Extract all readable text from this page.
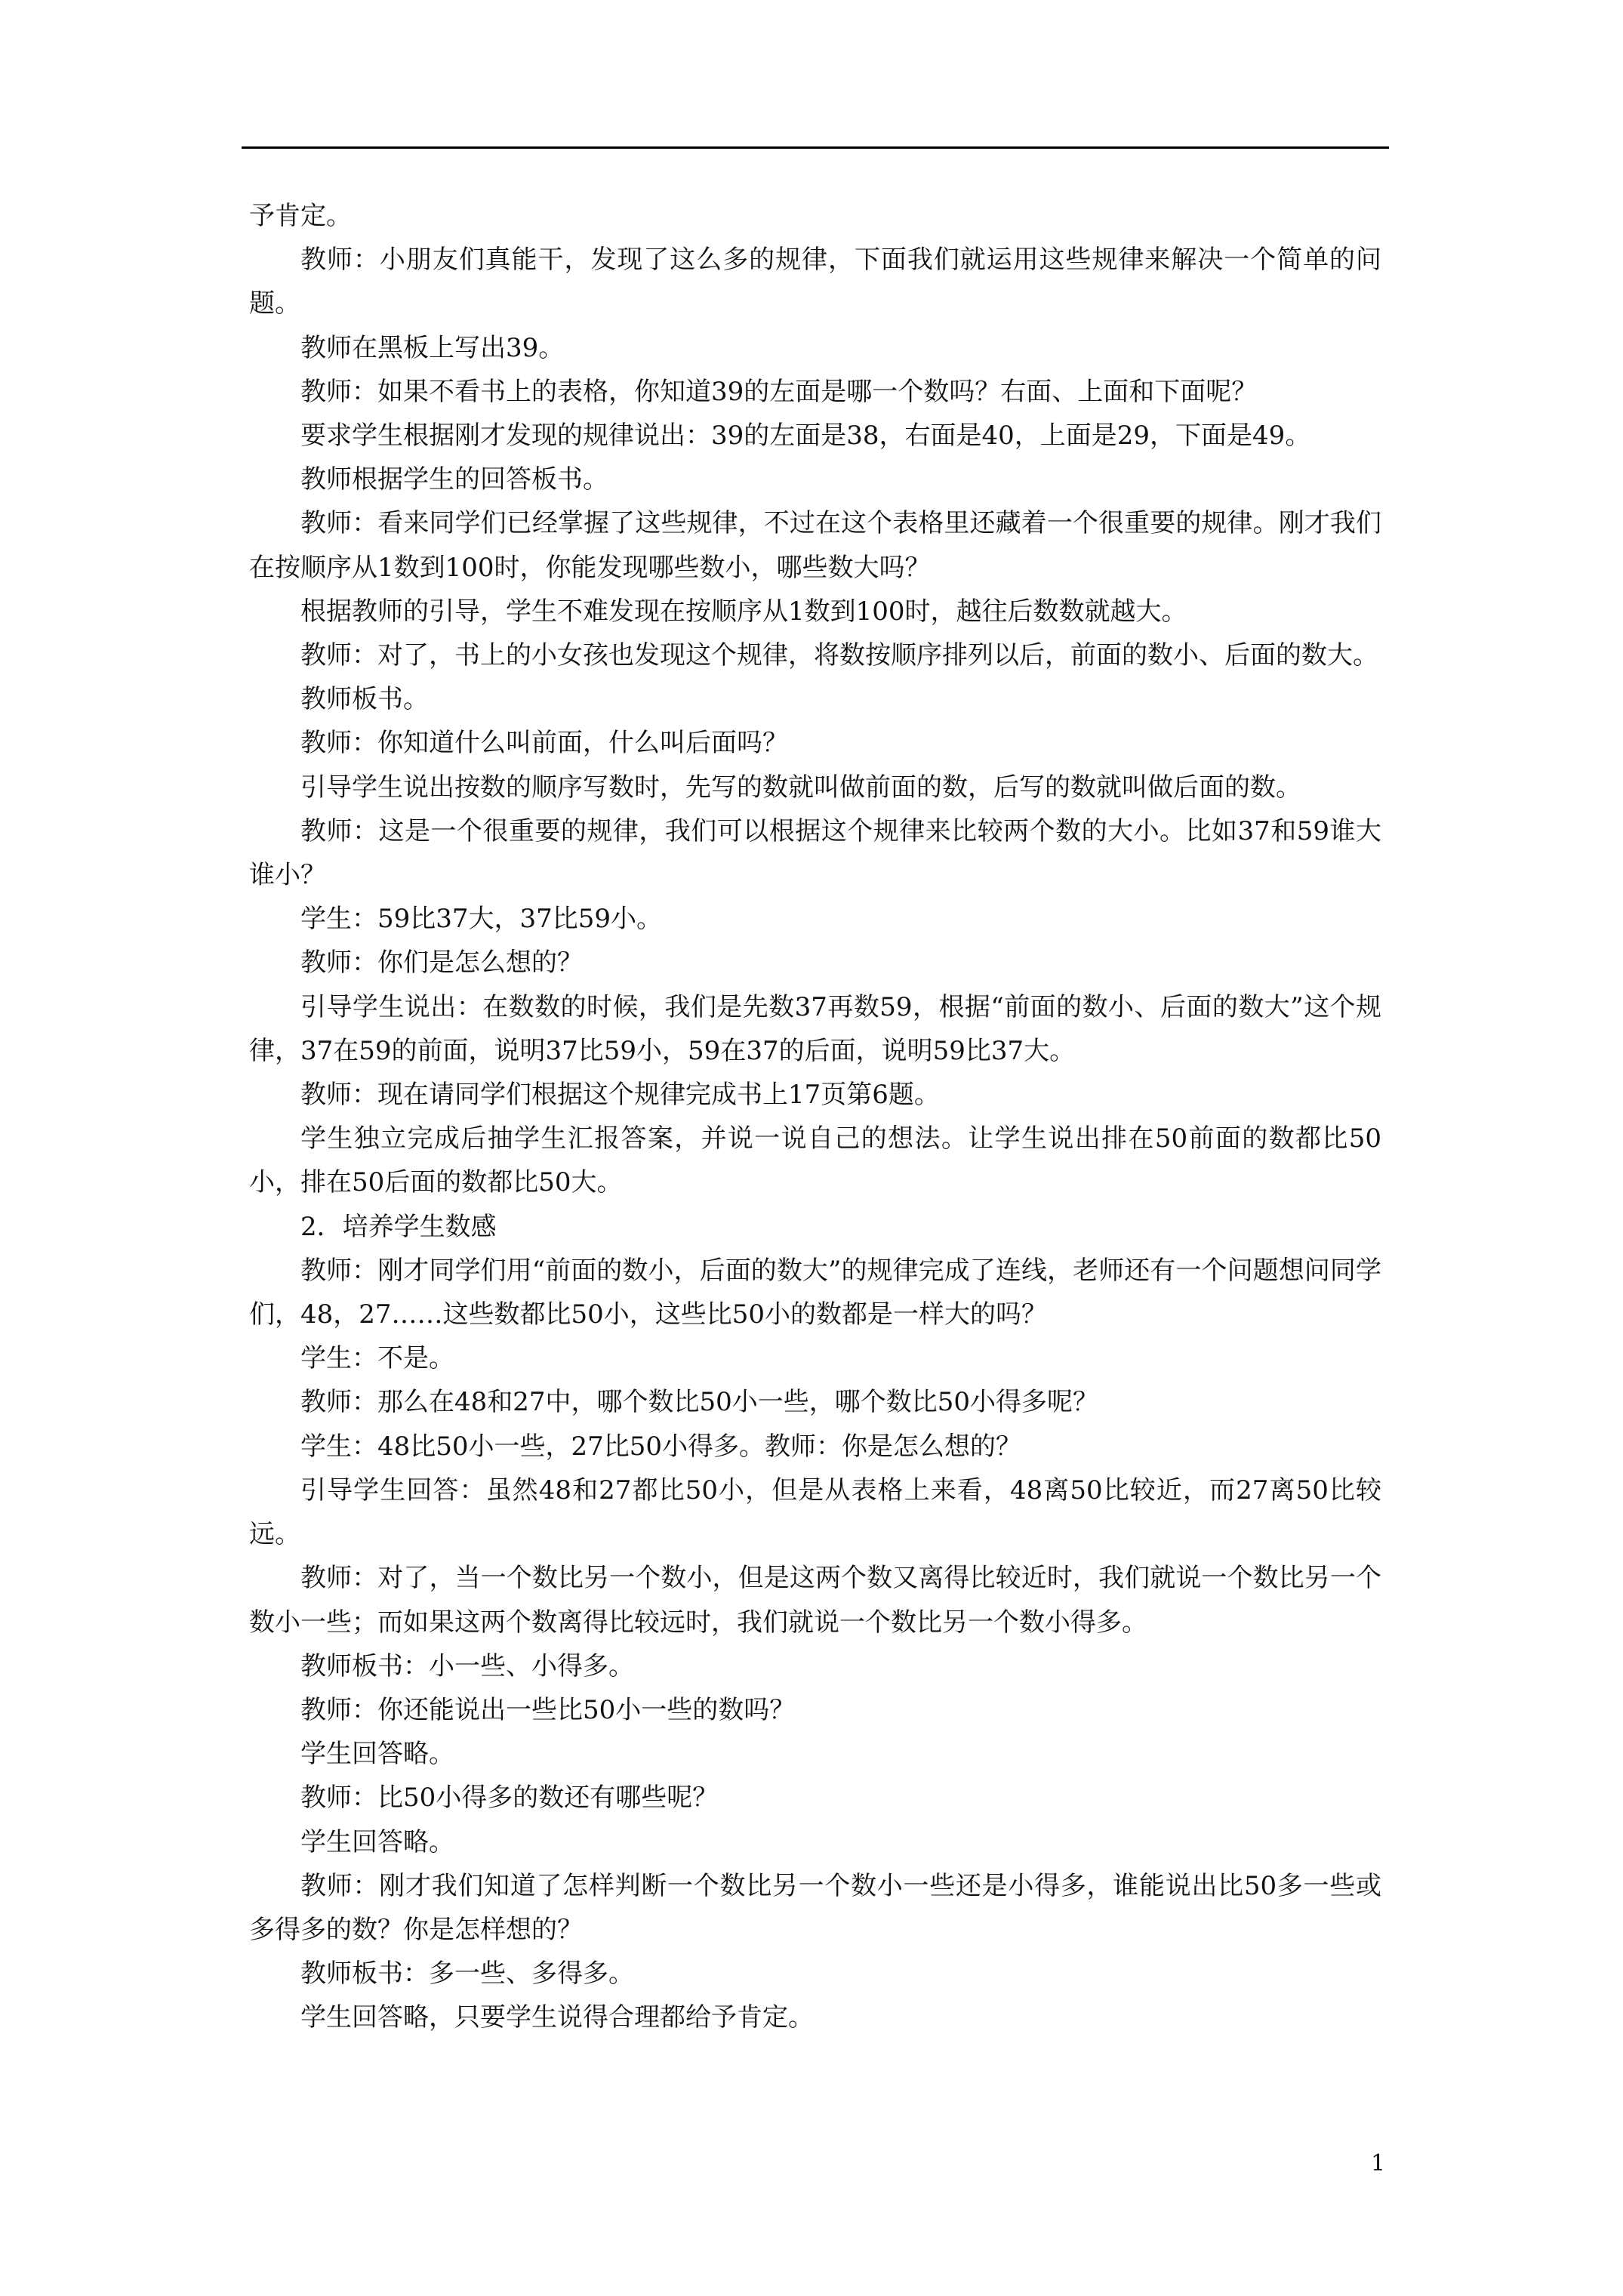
予肯定。

教师：小朋友们真能干，发现了这么多的规律，下面我们就运用这些规律来解决一个简单的问题。

教师在黑板上写出39。

教师：如果不看书上的表格，你知道39的左面是哪一个数吗？右面、上面和下面呢？

要求学生根据刚才发现的规律说出：39的左面是38，右面是40，上面是29，下面是49。

教师根据学生的回答板书。

教师：看来同学们已经掌握了这些规律，不过在这个表格里还藏着一个很重要的规律。刚才我们在按顺序从1数到100时，你能发现哪些数小，哪些数大吗？

根据教师的引导，学生不难发现在按顺序从1数到100时，越往后数数就越大。

教师：对了，书上的小女孩也发现这个规律，将数按顺序排列以后，前面的数小、后面的数大。

教师板书。

教师：你知道什么叫前面，什么叫后面吗？

引导学生说出按数的顺序写数时，先写的数就叫做前面的数，后写的数就叫做后面的数。

教师：这是一个很重要的规律，我们可以根据这个规律来比较两个数的大小。比如37和59谁大谁小？

学生：59比37大，37比59小。

教师：你们是怎么想的？

引导学生说出：在数数的时候，我们是先数37再数59，根据“前面的数小、后面的数大”这个规律，37在59的前面，说明37比59小，59在37的后面，说明59比37大。

教师：现在请同学们根据这个规律完成书上17页第6题。

学生独立完成后抽学生汇报答案，并说一说自己的想法。让学生说出排在50前面的数都比50小，排在50后面的数都比50大。

2．培养学生数感

教师：刚才同学们用“前面的数小，后面的数大”的规律完成了连线，老师还有一个问题想问同学们，48，27……这些数都比50小，这些比50小的数都是一样大的吗？

学生：不是。

教师：那么在48和27中，哪个数比50小一些，哪个数比50小得多呢？

学生：48比50小一些，27比50小得多。教师：你是怎么想的？

引导学生回答：虽然48和27都比50小，但是从表格上来看，48离50比较近，而27离50比较远。

教师：对了，当一个数比另一个数小，但是这两个数又离得比较近时，我们就说一个数比另一个数小一些；而如果这两个数离得比较远时，我们就说一个数比另一个数小得多。

教师板书：小一些、小得多。

教师：你还能说出一些比50小一些的数吗？

学生回答略。

教师：比50小得多的数还有哪些呢？

学生回答略。

教师：刚才我们知道了怎样判断一个数比另一个数小一些还是小得多，谁能说出比50多一些或多得多的数？你是怎样想的？

教师板书：多一些、多得多。

学生回答略，只要学生说得合理都给予肯定。

1
